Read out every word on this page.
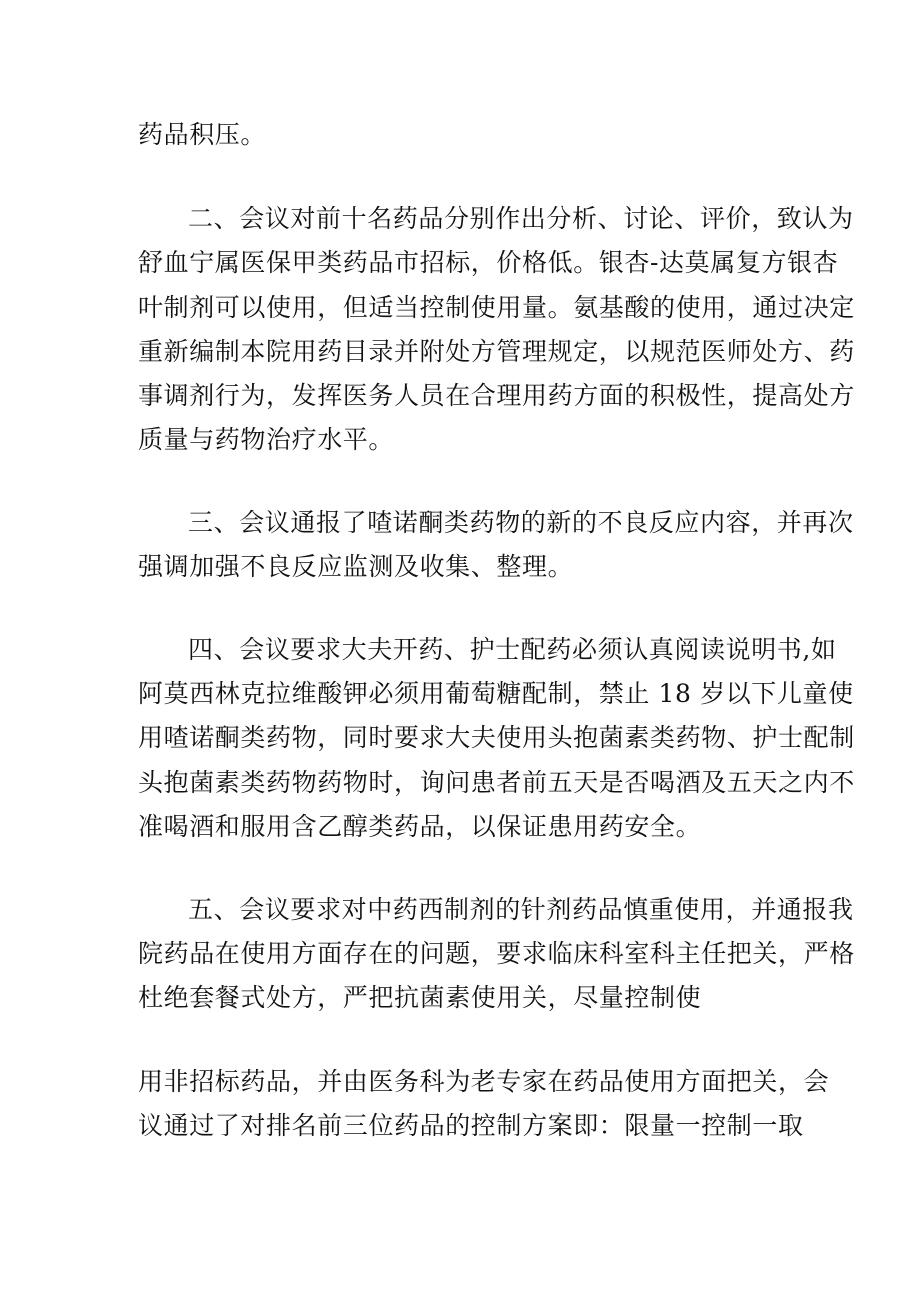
药品积压。
二、会议对前十名药品分别作出分析、讨论、评价，致认为
舒血宁属医保甲类药品市招标，价格低。银杏-达莫属复方银杏
叶制剂可以使用，但适当控制使用量。氨基酸的使用，通过决定
重新编制本院用药目录并附处方管理规定，以规范医师处方、药
事调剂行为，发挥医务人员在合理用药方面的积极性，提高处方
质量与药物治疗水平。
三、会议通报了喳诺酮类药物的新的不良反应内容，并再次
强调加强不良反应监测及收集、整理。
四、会议要求大夫开药、护士配药必须认真阅读说明书,如
阿莫西林克拉维酸钾必须用葡萄糖配制，禁止 18 岁以下儿童使
用喳诺酮类药物，同时要求大夫使用头抱菌素类药物、护士配制
头抱菌素类药物药物时，询问患者前五天是否喝酒及五天之内不
准喝酒和服用含乙醇类药品，以保证患用药安全。
五、会议要求对中药西制剂的针剂药品慎重使用，并通报我
院药品在使用方面存在的问题，要求临床科室科主任把关，严格
杜绝套餐式处方，严把抗菌素使用关，尽量控制使
用非招标药品，并由医务科为老专家在药品使用方面把关，会
议通过了对排名前三位药品的控制方案即：限量一控制一取
